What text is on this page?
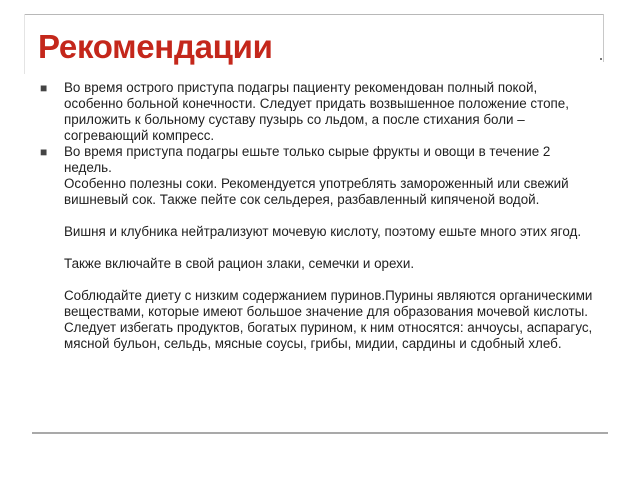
Рекомендации
■ Во время острого приступа подагры пациенту рекомендован полный покой, особенно больной конечности. Следует придать возвышенное положение стопе, приложить к больному суставу пузырь со льдом, а после стихания боли – согревающий компресс.

■ Во время приступа подагры ешьте только сырые фрукты и овощи в течение 2 недель.

Особенно полезны соки. Рекомендуется употреблять замороженный или свежий вишневый сок. Также пейте сок сельдерея, разбавленный кипяченой водой.

Вишня и клубника нейтрализуют мочевую кислоту, поэтому ешьте много этих ягод.

Также включайте в свой рацион злаки, семечки и орехи.

Соблюдайте диету с низким содержанием пуринов.Пурины являются органическими веществами, которые имеют большое значение для образования мочевой кислоты.

Следует избегать продуктов, богатых пурином, к ним относятся: анчоусы, аспарагус, мясной бульон, сельдь, мясные соусы, грибы, мидии, сардины и сдобный хлеб.
